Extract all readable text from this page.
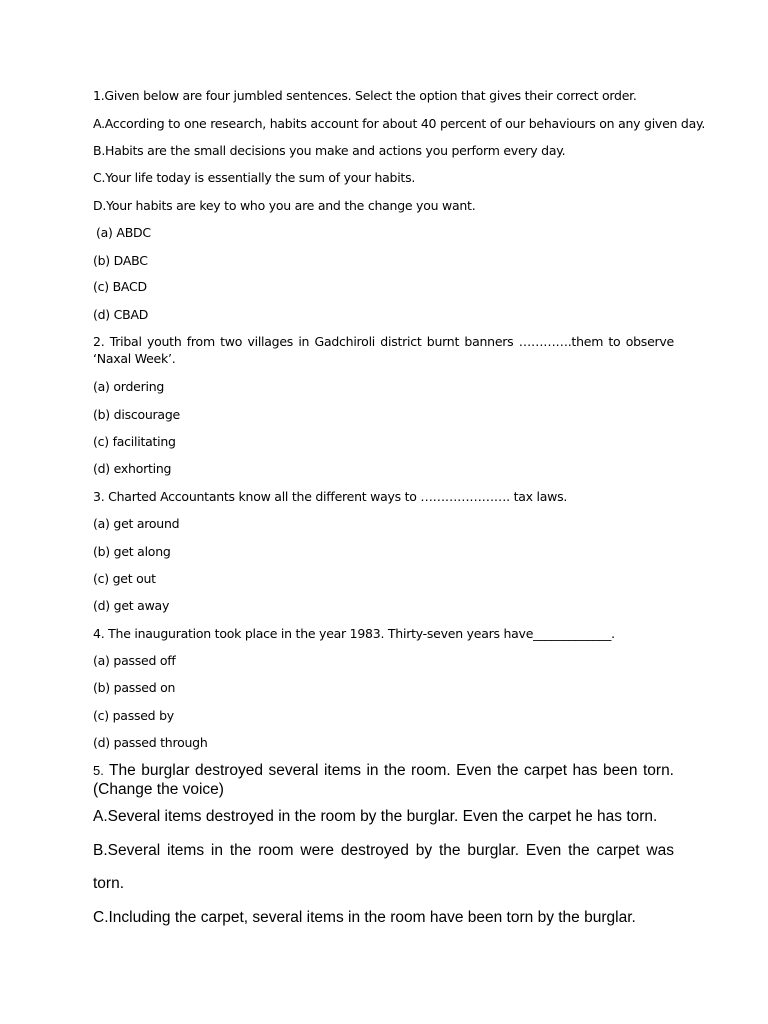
1.Given below are four jumbled sentences. Select the option that gives their correct order.

A.According to one research, habits account for about 40 percent of our behaviours on any given day.

B.Habits are the small decisions you make and actions you perform every day.

C.Your life today is essentially the sum of your habits.

D.Your habits are key to who you are and the change you want.

(a) ABDC

(b) DABC

(c) BACD

(d) CBAD

2. Tribal youth from two villages in Gadchiroli district burnt banners ………….them to observe ‘Naxal Week’.

(a) ordering

(b) discourage

(c) facilitating

(d) exhorting

3. Charted Accountants know all the different ways to …………………. tax laws.

(a) get around

(b) get along

(c) get out

(d) get away

4. The inauguration took place in the year 1983. Thirty-seven years have_____________.

(a) passed off

(b) passed on

(c) passed by

(d) passed through

5. The burglar destroyed several items in the room. Even the carpet has been torn. (Change the voice)

A.Several items destroyed in the room by the burglar. Even the carpet he has torn.

B.Several items in the room were destroyed by the burglar. Even the carpet was

torn.

C.Including the carpet, several items in the room have been torn by the burglar.
